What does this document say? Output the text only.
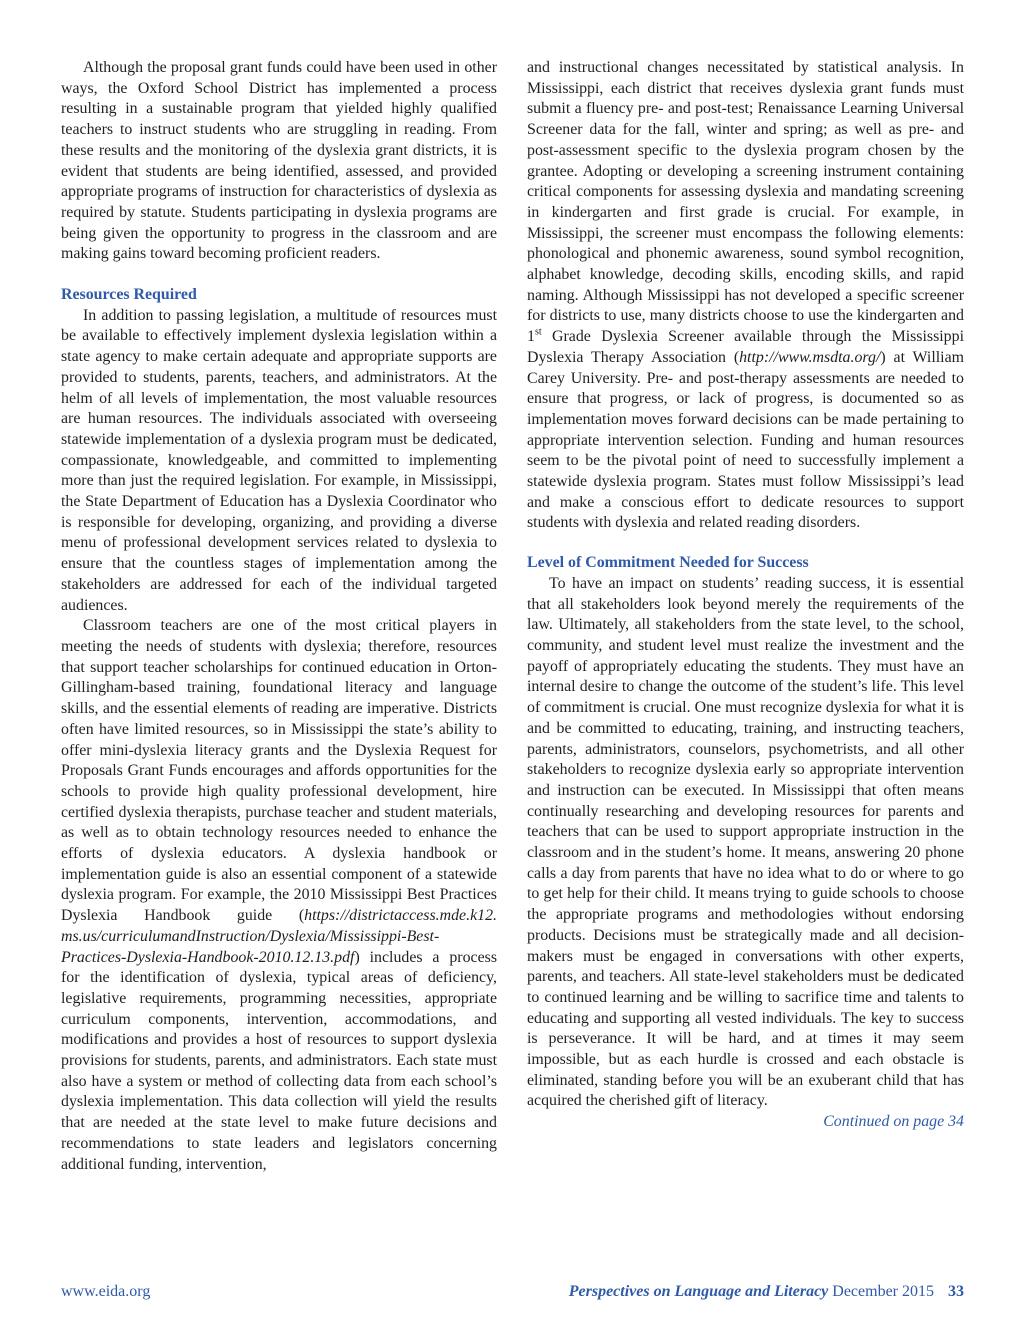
Although the proposal grant funds could have been used in other ways, the Oxford School District has implemented a process resulting in a sustainable program that yielded highly qualified teachers to instruct students who are struggling in reading. From these results and the monitoring of the dyslexia grant districts, it is evident that students are being identified, assessed, and provided appropriate programs of instruction for characteristics of dyslexia as required by statute. Students participating in dyslexia programs are being given the opportunity to progress in the classroom and are making gains toward becoming proficient readers.

Resources Required

In addition to passing legislation, a multitude of resources must be available to effectively implement dyslexia legislation within a state agency to make certain adequate and appropriate supports are provided to students, parents, teachers, and administrators. At the helm of all levels of implementation, the most valuable resources are human resources. The individuals associated with overseeing statewide implementation of a dyslexia program must be dedicated, compassionate, knowledgeable, and committed to implementing more than just the required legislation. For example, in Mississippi, the State Department of Education has a Dyslexia Coordinator who is responsible for developing, organizing, and providing a diverse menu of professional development services related to dyslexia to ensure that the countless stages of implementation among the stakeholders are addressed for each of the individual targeted audiences.

Classroom teachers are one of the most critical players in meeting the needs of students with dyslexia; therefore, resources that support teacher scholarships for continued education in Orton-Gillingham-based training, foundational literacy and language skills, and the essential elements of reading are imperative. Districts often have limited resources, so in Mississippi the state’s ability to offer mini-dyslexia literacy grants and the Dyslexia Request for Proposals Grant Funds encourages and affords opportunities for the schools to provide high quality professional development, hire certified dyslexia therapists, purchase teacher and student materials, as well as to obtain technology resources needed to enhance the efforts of dyslexia educators. A dyslexia handbook or implementation guide is also an essential component of a statewide dyslexia program. For example, the 2010 Mississippi Best Practices Dyslexia Handbook guide (https://districtaccess.mde.k12.​ms.us/curriculumandInstruction/Dyslexia/Mississippi-Best-​Practices-Dyslexia-Handbook-2010.12.13.pdf) includes a process for the identification of dyslexia, typical areas of deficiency, legislative requirements, programming necessities, appropriate curriculum components, intervention, accommodations, and modifications and provides a host of resources to support dyslexia provisions for students, parents, and administrators. Each state must also have a system or method of collecting data from each school’s dyslexia implementation. This data collection will yield the results that are needed at the state level to make future decisions and recommendations to state leaders and legislators concerning additional funding, intervention,

and instructional changes necessitated by statistical analysis. In Mississippi, each district that receives dyslexia grant funds must submit a fluency pre- and post-test; Renaissance Learning Universal Screener data for the fall, winter and spring; as well as pre- and post-assessment specific to the dyslexia program chosen by the grantee. Adopting or developing a screening instrument containing critical components for assessing dyslexia and mandating screening in kindergarten and first grade is crucial. For example, in Mississippi, the screener must encompass the following elements: phonological and phonemic awareness, sound symbol recognition, alphabet knowledge, decoding skills, encoding skills, and rapid naming. Although Mississippi has not developed a specific screener for districts to use, many districts choose to use the kindergarten and 1st Grade Dyslexia Screener available through the Mississippi Dyslexia Therapy Association (http://www.​msdta.org/) at William Carey University. Pre- and post-therapy assessments are needed to ensure that progress, or lack of progress, is documented so as implementation moves forward decisions can be made pertaining to appropriate intervention selection. Funding and human resources seem to be the pivotal point of need to successfully implement a statewide dyslexia program. States must follow Mississippi’s lead and make a conscious effort to dedicate resources to support students with dyslexia and related reading disorders.

Level of Commitment Needed for Success

To have an impact on students’ reading success, it is essential that all stakeholders look beyond merely the requirements of the law. Ultimately, all stakeholders from the state level, to the school, community, and student level must realize the investment and the payoff of appropriately educating the students. They must have an internal desire to change the outcome of the student’s life. This level of commitment is crucial. One must recognize dyslexia for what it is and be committed to educating, training, and instructing teachers, parents, administrators, counselors, psychometrists, and all other stakeholders to recognize dyslexia early so appropriate intervention and instruction can be executed. In Mississippi that often means continually researching and developing resources for parents and teachers that can be used to support appropriate instruction in the classroom and in the student’s home. It means, answering 20 phone calls a day from parents that have no idea what to do or where to go to get help for their child. It means trying to guide schools to choose the appropriate programs and methodologies without endorsing products. Decisions must be strategically made and all decision-makers must be engaged in conversations with other experts, parents, and teachers. All state-level stakeholders must be dedicated to continued learning and be willing to sacrifice time and talents to educating and supporting all vested individuals. The key to success is perseverance. It will be hard, and at times it may seem impossible, but as each hurdle is crossed and each obstacle is eliminated, standing before you will be an exuberant child that has acquired the cherished gift of literacy.

Continued on page 34
www.eida.org	Perspectives on Language and Literacy December 2015 33
